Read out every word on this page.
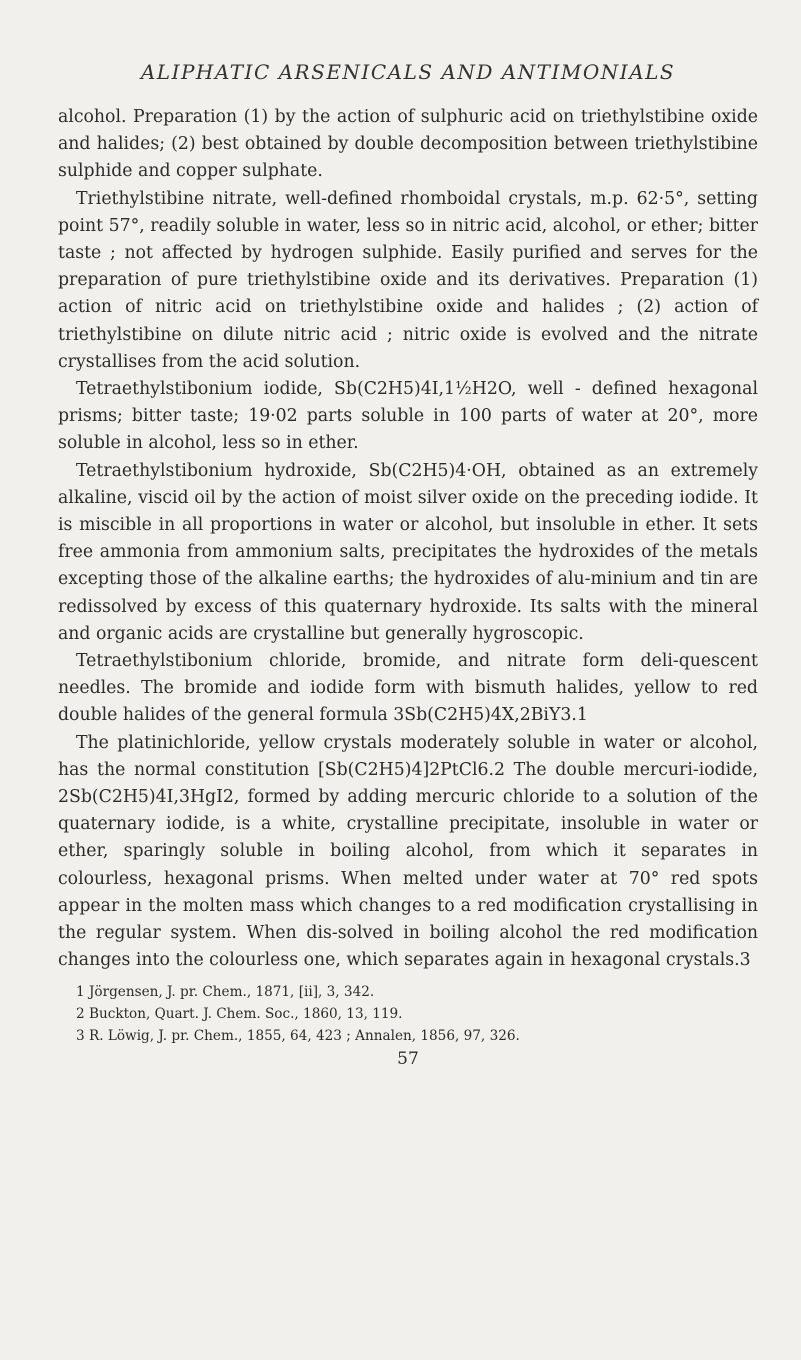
ALIPHATIC ARSENICALS AND ANTIMONIALS

alcohol. Preparation (1) by the action of sulphuric acid on triethylstibine oxide and halides; (2) best obtained by double decomposition between triethylstibine sulphide and copper sulphate.

Triethylstibine nitrate, well-defined rhomboidal crystals, m.p. 62·5°, setting point 57°, readily soluble in water, less so in nitric acid, alcohol, or ether; bitter taste ; not affected by hydrogen sulphide. Easily purified and serves for the preparation of pure triethylstibine oxide and its derivatives. Preparation (1) action of nitric acid on triethylstibine oxide and halides ; (2) action of triethylstibine on dilute nitric acid ; nitric oxide is evolved and the nitrate crystallises from the acid solution.

Tetraethylstibonium iodide, Sb(C2H5)4I,1½H2O, well - defined hexagonal prisms; bitter taste; 19·02 parts soluble in 100 parts of water at 20°, more soluble in alcohol, less so in ether.

Tetraethylstibonium hydroxide, Sb(C2H5)4·OH, obtained as an extremely alkaline, viscid oil by the action of moist silver oxide on the preceding iodide. It is miscible in all proportions in water or alcohol, but insoluble in ether. It sets free ammonia from ammonium salts, precipitates the hydroxides of the metals excepting those of the alkaline earths; the hydroxides of alu-minium and tin are redissolved by excess of this quaternary hydroxide. Its salts with the mineral and organic acids are crystalline but generally hygroscopic.

Tetraethylstibonium chloride, bromide, and nitrate form deli-quescent needles. The bromide and iodide form with bismuth halides, yellow to red double halides of the general formula 3Sb(C2H5)4X,2BiY3.1

The platinichloride, yellow crystals moderately soluble in water or alcohol, has the normal constitution [Sb(C2H5)4]2PtCl6.2 The double mercuri-iodide, 2Sb(C2H5)4I,3HgI2, formed by adding mercuric chloride to a solution of the quaternary iodide, is a white, crystalline precipitate, insoluble in water or ether, sparingly soluble in boiling alcohol, from which it separates in colourless, hexagonal prisms. When melted under water at 70° red spots appear in the molten mass which changes to a red modification crystallising in the regular system. When dis-solved in boiling alcohol the red modification changes into the colourless one, which separates again in hexagonal crystals.3

1 Jörgensen, J. pr. Chem., 1871, [ii], 3, 342.

2 Buckton, Quart. J. Chem. Soc., 1860, 13, 119.

3 R. Löwig, J. pr. Chem., 1855, 64, 423 ; Annalen, 1856, 97, 326.

57
